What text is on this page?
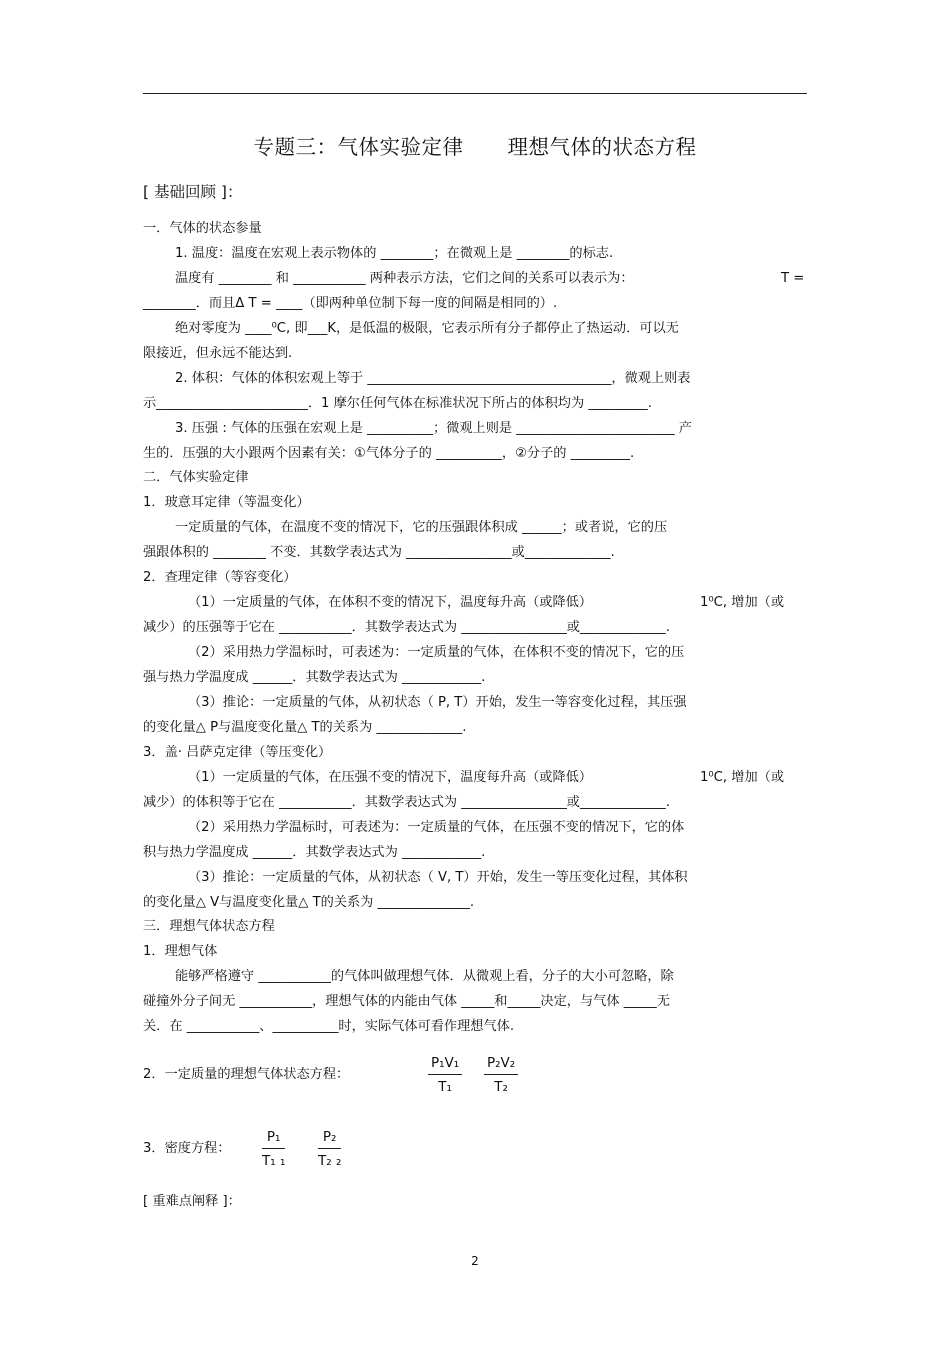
专题三：气体实验定律 理想气体的状态方程
[ 基础回顾 ]：
一．气体的状态参量
1. 温度：温度在宏观上表示物体的 ________；在微观上是 ________的标志.
温度有 ________ 和 ___________ 两种表示方法，它们之间的关系可以表示为：	T =
________．而且Δ T = ____（即两种单位制下每一度的间隔是相同的）.
绝对零度为 ____⁰C, 即___K，是低温的极限，它表示所有分子都停止了热运动．可以无
限接近，但永远不能达到.
2. 体积：气体的体积宏观上等于 _____________________________________，微观上则表
示_______________________．1 摩尔任何气体在标准状况下所占的体积均为 _________.
3. 压强 : 气体的压强在宏观上是 __________；微观上则是 ________________________ 产
生的．压强的大小跟两个因素有关：①气体分子的 __________，②分子的 _________.
二．气体实验定律
1．玻意耳定律（等温变化）
一定质量的气体，在温度不变的情况下，它的压强跟体积成 ______；或者说，它的压
强跟体积的 ________ 不变．其数学表达式为 ________________或_____________.
2．查理定律（等容变化）
（1）一定质量的气体，在体积不变的情况下，温度每升高（或降低）	1⁰C, 增加（或
减少）的压强等于它在 ___________．其数学表达式为 ________________或_____________.
（2）采用热力学温标时，可表述为：一定质量的气体，在体积不变的情况下，它的压
强与热力学温度成 ______．其数学表达式为 ____________.
（3）推论：一定质量的气体，从初状态（ P, T）开始，发生一等容变化过程，其压强
的变化量△ P与温度变化量△ T的关系为 _____________.
3．盖· 吕萨克定律（等压变化）
（1）一定质量的气体，在压强不变的情况下，温度每升高（或降低）	1⁰C, 增加（或
减少）的体积等于它在 ___________．其数学表达式为 ________________或_____________.
（2）采用热力学温标时，可表述为：一定质量的气体，在压强不变的情况下，它的体
积与热力学温度成 ______．其数学表达式为 ____________.
（3）推论：一定质量的气体，从初状态（ V, T）开始，发生一等压变化过程，其体积
的变化量△ V与温度变化量△ T的关系为 ______________.
三．理想气体状态方程
1．理想气体
能够严格遵守 ___________的气体叫做理想气体．从微观上看，分子的大小可忽略，除
碰撞外分子间无 ___________，理想气体的内能由气体 _____和_____决定，与气体 _____无
关．在 ___________、__________时，实际气体可看作理想气体.
2．一定质量的理想气体状态方程：
3．密度方程：
[ 重难点阐释 ]：
$\frac{\text{P₁V₁}}{\text{T₁}} \frac{\text{P₂V₂}}{\text{T₂}}$
$\frac{\text{P₁}}{\text{T₁ ₁}} \frac{\text{P₂}}{\text{T₂ ₂}}$
2
